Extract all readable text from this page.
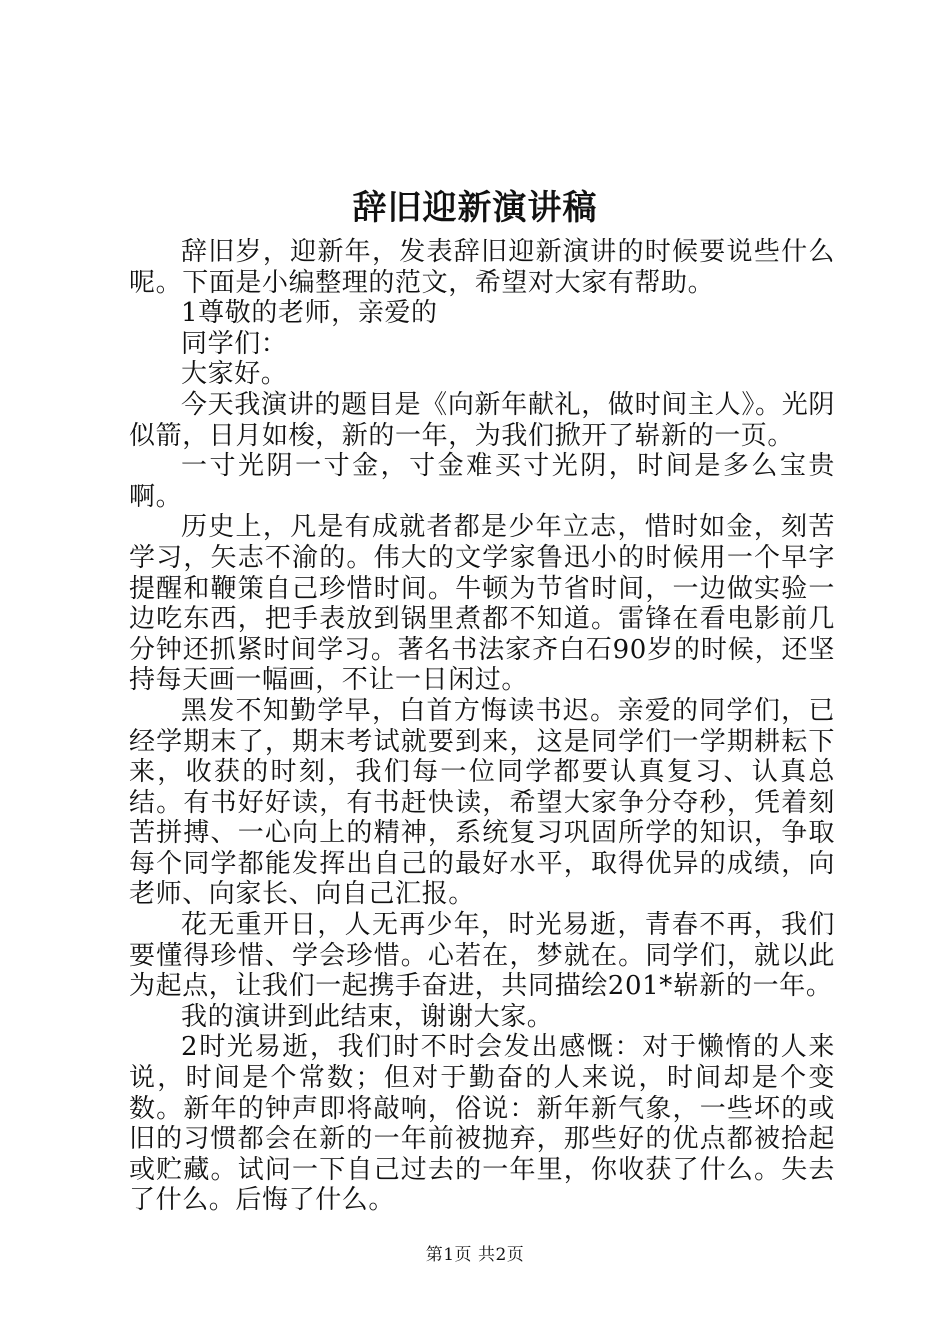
辞旧迎新演讲稿

辞旧岁，迎新年，发表辞旧迎新演讲的时候要说些什么呢。下面是小编整理的范文，希望对大家有帮助。

1尊敬的老师，亲爱的

同学们：

大家好。

今天我演讲的题目是《向新年献礼，做时间主人》。光阴似箭，日月如梭，新的一年，为我们掀开了崭新的一页。

一寸光阴一寸金，寸金难买寸光阴，时间是多么宝贵啊。

历史上，凡是有成就者都是少年立志，惜时如金，刻苦学习，矢志不渝的。伟大的文学家鲁迅小的时候用一个早字提醒和鞭策自己珍惜时间。牛顿为节省时间，一边做实验一边吃东西，把手表放到锅里煮都不知道。雷锋在看电影前几分钟还抓紧时间学习。著名书法家齐白石90岁的时候，还坚持每天画一幅画，不让一日闲过。

黑发不知勤学早，白首方悔读书迟。亲爱的同学们，已经学期末了，期末考试就要到来，这是同学们一学期耕耘下来，收获的时刻，我们每一位同学都要认真复习、认真总结。有书好好读，有书赶快读，希望大家争分夺秒，凭着刻苦拼搏、一心向上的精神，系统复习巩固所学的知识，争取每个同学都能发挥出自己的最好水平，取得优异的成绩，向老师、向家长、向自己汇报。

花无重开日，人无再少年，时光易逝，青春不再，我们要懂得珍惜、学会珍惜。心若在，梦就在。同学们，就以此为起点，让我们一起携手奋进，共同描绘201*崭新的一年。

我的演讲到此结束，谢谢大家。

2时光易逝，我们时不时会发出感慨：对于懒惰的人来说，时间是个常数；但对于勤奋的人来说，时间却是个变数。新年的钟声即将敲响，俗说：新年新气象，一些坏的或旧的习惯都会在新的一年前被抛弃，那些好的优点都被拾起或贮藏。试问一下自己过去的一年里，你收获了什么。失去了什么。后悔了什么。

第1页 共2页
